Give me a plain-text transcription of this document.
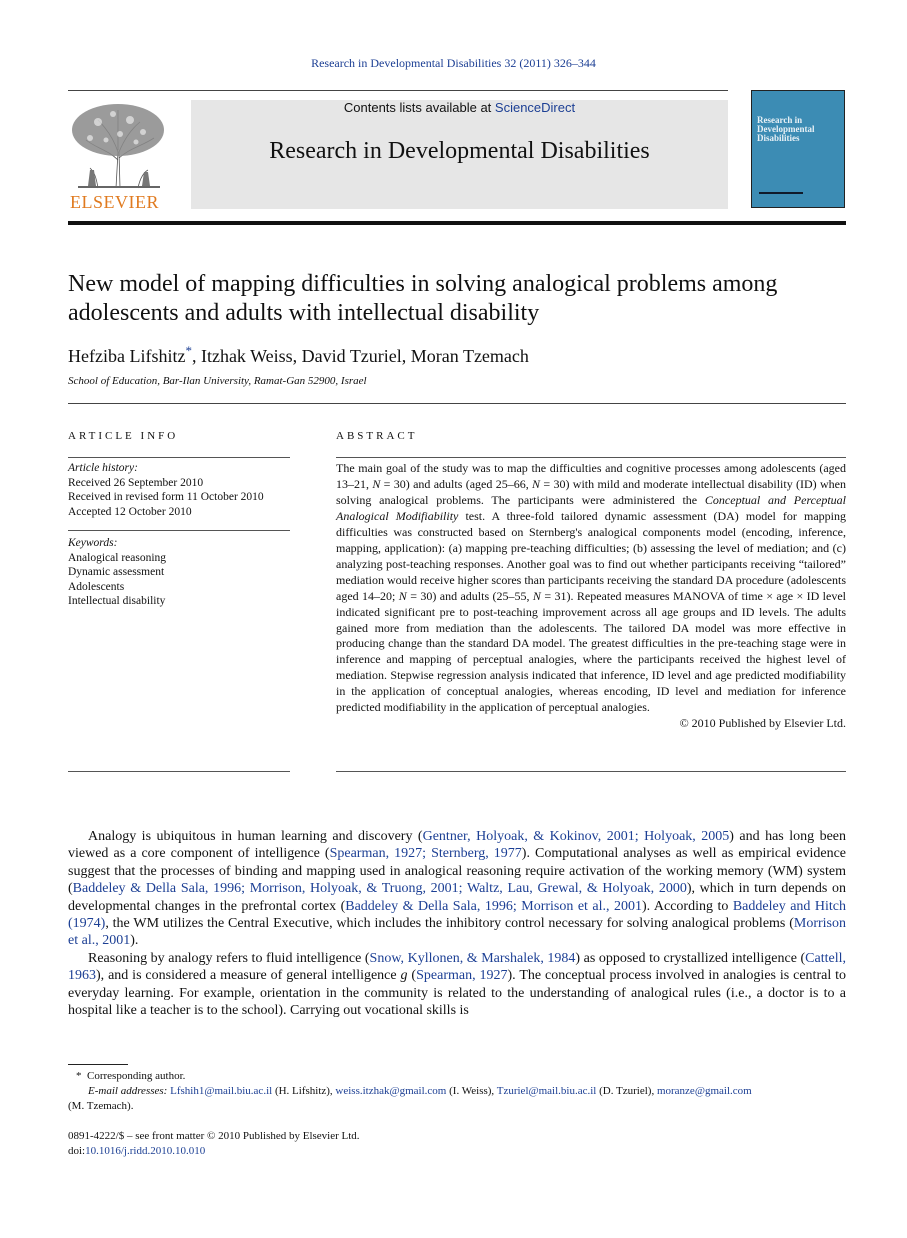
Research in Developmental Disabilities 32 (2011) 326–344
ELSEVIER
Contents lists available at ScienceDirect
Research in Developmental Disabilities
Research in Developmental Disabilities
New model of mapping difficulties in solving analogical problems among adolescents and adults with intellectual disability
Hefziba Lifshitz*, Itzhak Weiss, David Tzuriel, Moran Tzemach
School of Education, Bar-Ilan University, Ramat-Gan 52900, Israel
ARTICLE INFO
Article history:
Received 26 September 2010
Received in revised form 11 October 2010
Accepted 12 October 2010
Keywords:
Analogical reasoning
Dynamic assessment
Adolescents
Intellectual disability
ABSTRACT
The main goal of the study was to map the difficulties and cognitive processes among adolescents (aged 13–21, N = 30) and adults (aged 25–66, N = 30) with mild and moderate intellectual disability (ID) when solving analogical problems. The participants were administered the Conceptual and Perceptual Analogical Modifiability test. A three-fold tailored dynamic assessment (DA) model for mapping difficulties was constructed based on Sternberg's analogical components model (encoding, inference, mapping, application): (a) mapping pre-teaching difficulties; (b) assessing the level of mediation; and (c) analyzing post-teaching responses. Another goal was to find out whether participants receiving “tailored” mediation would receive higher scores than participants receiving the standard DA procedure (adolescents aged 14–20; N = 30) and adults (25–55, N = 31). Repeated measures MANOVA of time × age × ID level indicated significant pre to post-teaching improvement across all age groups and ID levels. The adults gained more from mediation than the adolescents. The tailored DA model was more effective in producing change than the standard DA model. The greatest difficulties in the pre-teaching stage were in inference and mapping of perceptual analogies, where the participants received the highest level of mediation. Stepwise regression analysis indicated that inference, ID level and age predicted modifiability in the application of conceptual analogies, whereas encoding, ID level and mediation for inference predicted modifiability in the application of perceptual analogies.
© 2010 Published by Elsevier Ltd.

Analogy is ubiquitous in human learning and discovery (Gentner, Holyoak, & Kokinov, 2001; Holyoak, 2005) and has long been viewed as a core component of intelligence (Spearman, 1927; Sternberg, 1977). Computational analyses as well as empirical evidence suggest that the processes of binding and mapping used in analogical reasoning require activation of the working memory (WM) system (Baddeley & Della Sala, 1996; Morrison, Holyoak, & Truong, 2001; Waltz, Lau, Grewal, & Holyoak, 2000), which in turn depends on developmental changes in the prefrontal cortex (Baddeley & Della Sala, 1996; Morrison et al., 2001). According to Baddeley and Hitch (1974), the WM utilizes the Central Executive, which includes the inhibitory control necessary for solving analogical problems (Morrison et al., 2001).

Reasoning by analogy refers to fluid intelligence (Snow, Kyllonen, & Marshalek, 1984) as opposed to crystallized intelligence (Cattell, 1963), and is considered a measure of general intelligence g (Spearman, 1927). The conceptual process involved in analogies is central to everyday learning. For example, orientation in the community is related to the understanding of analogical rules (i.e., a doctor is to a hospital like a teacher is to the school). Carrying out vocational skills is

* Corresponding author.
E-mail addresses: Lfshih1@mail.biu.ac.il (H. Lifshitz), weiss.itzhak@gmail.com (I. Weiss), Tzuriel@mail.biu.ac.il (D. Tzuriel), moranze@gmail.com
(M. Tzemach).
0891-4222/$ – see front matter © 2010 Published by Elsevier Ltd.
doi:10.1016/j.ridd.2010.10.010
